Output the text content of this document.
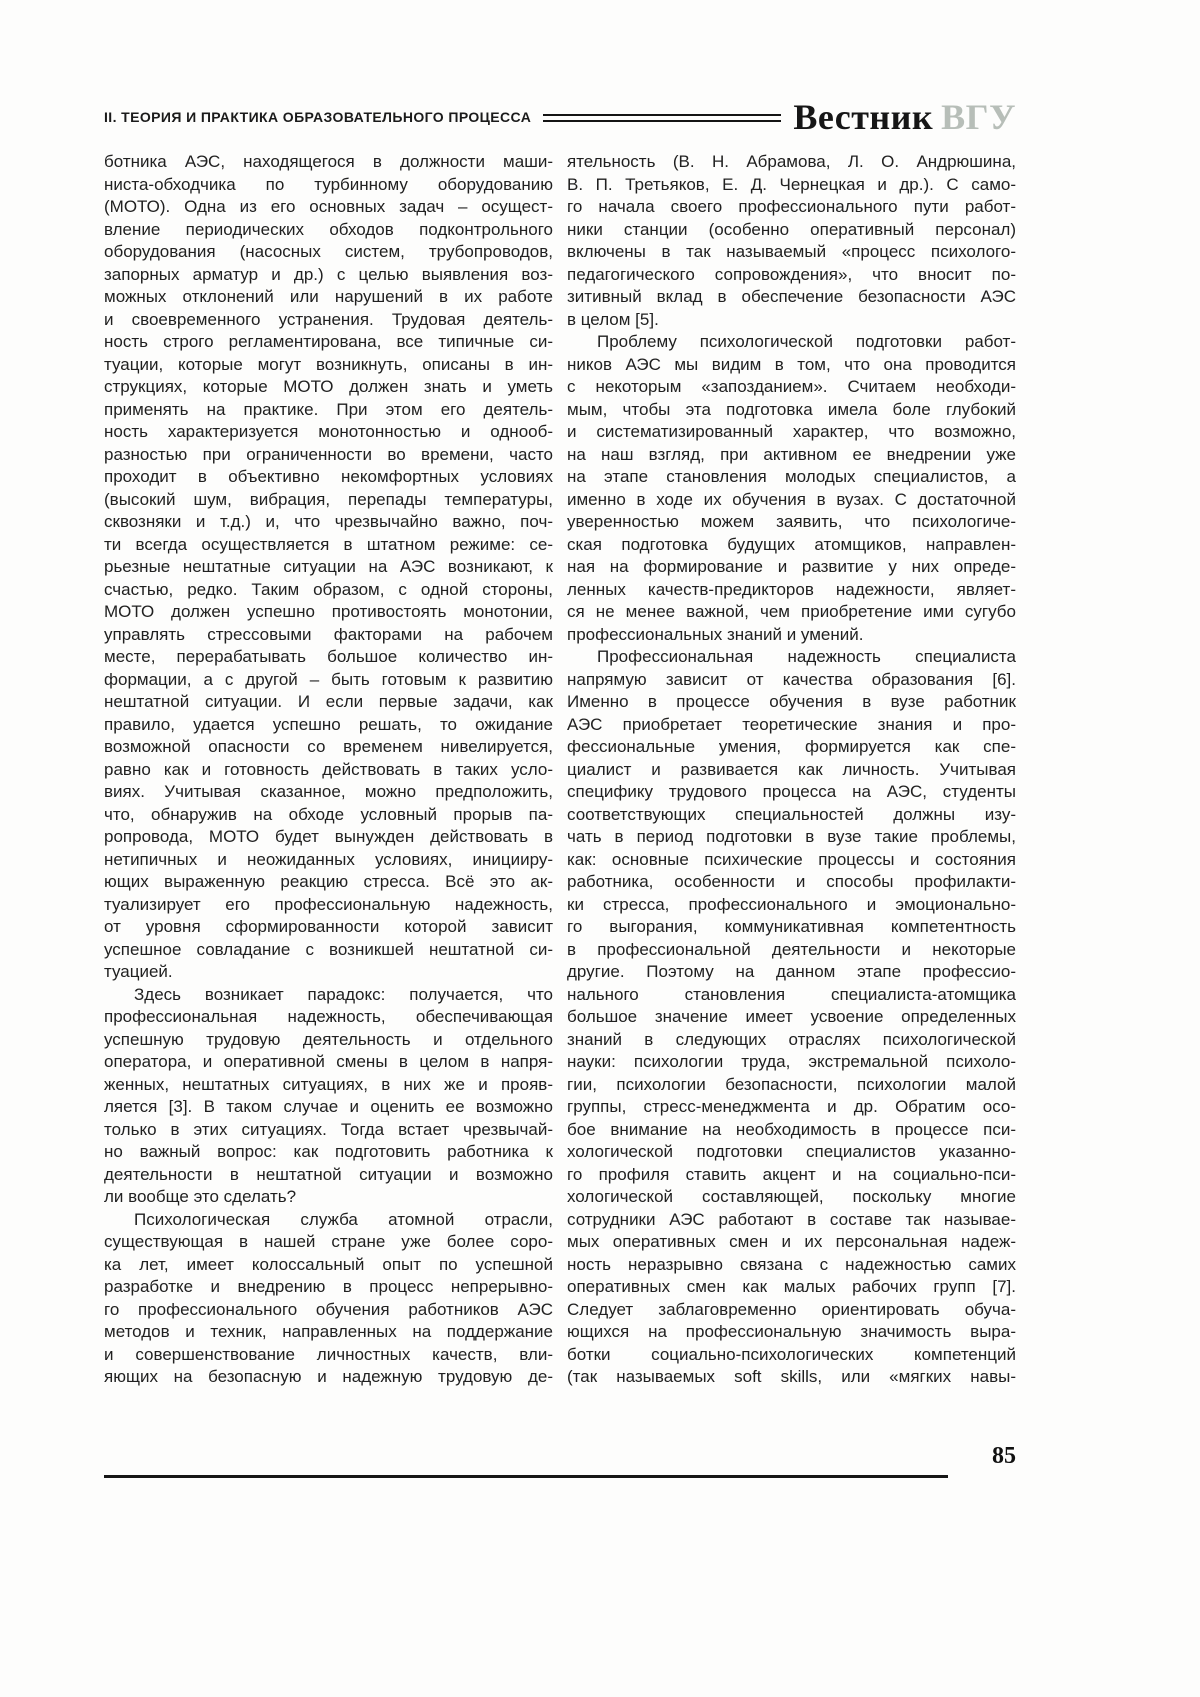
II. ТЕОРИЯ И ПРАКТИКА ОБРАЗОВАТЕЛЬНОГО ПРОЦЕССА	Вестник ВГУ
ботника АЭС, находящегося в должности маши-
ниста-обходчика по турбинному оборудованию
(МОТО). Одна из его основных задач – осущест-
вление периодических обходов подконтрольного
оборудования (насосных систем, трубопроводов,
запорных арматур и др.) с целью выявления воз-
можных отклонений или нарушений в их работе
и своевременного устранения. Трудовая деятель-
ность строго регламентирована, все типичные си-
туации, которые могут возникнуть, описаны в ин-
струкциях, которые МОТО должен знать и уметь
применять на практике. При этом его деятель-
ность характеризуется монотонностью и однооб-
разностью при ограниченности во времени, часто
проходит в объективно некомфортных условиях
(высокий шум, вибрация, перепады температуры,
сквозняки и т.д.) и, что чрезвычайно важно, поч-
ти всегда осуществляется в штатном режиме: се-
рьезные нештатные ситуации на АЭС возникают, к
счастью, редко. Таким образом, с одной стороны,
МОТО должен успешно противостоять монотонии,
управлять стрессовыми факторами на рабочем
месте, перерабатывать большое количество ин-
формации, а с другой – быть готовым к развитию
нештатной ситуации. И если первые задачи, как
правило, удается успешно решать, то ожидание
возможной опасности со временем нивелируется,
равно как и готовность действовать в таких усло-
виях. Учитывая сказанное, можно предположить,
что, обнаружив на обходе условный прорыв па-
ропровода, МОТО будет вынужден действовать в
нетипичных и неожиданных условиях, иницииру-
ющих выраженную реакцию стресса. Всё это ак-
туализирует его профессиональную надежность,
от уровня сформированности которой зависит
успешное совладание с возникшей нештатной си-
туацией.
Здесь возникает парадокс: получается, что
профессиональная надежность, обеспечивающая
успешную трудовую деятельность и отдельного
оператора, и оперативной смены в целом в напря-
женных, нештатных ситуациях, в них же и прояв-
ляется [3]. В таком случае и оценить ее возможно
только в этих ситуациях. Тогда встает чрезвычай-
но важный вопрос: как подготовить работника к
деятельности в нештатной ситуации и возможно
ли вообще это сделать?
Психологическая служба атомной отрасли,
существующая в нашей стране уже более соро-
ка лет, имеет колоссальный опыт по успешной
разработке и внедрению в процесс непрерывно-
го профессионального обучения работников АЭС
методов и техник, направленных на поддержание
и совершенствование личностных качеств, вли-
яющих на безопасную и надежную трудовую де-
ятельность (В. Н. Абрамова, Л. О. Андрюшина,
В. П. Третьяков, Е. Д. Чернецкая и др.). С само-
го начала своего профессионального пути работ-
ники станции (особенно оперативный персонал)
включены в так называемый «процесс психолого-
педагогического сопровождения», что вносит по-
зитивный вклад в обеспечение безопасности АЭС
в целом [5].
Проблему психологической подготовки работ-
ников АЭС мы видим в том, что она проводится
с некоторым «запозданием». Считаем необходи-
мым, чтобы эта подготовка имела боле глубокий
и систематизированный характер, что возможно,
на наш взгляд, при активном ее внедрении уже
на этапе становления молодых специалистов, а
именно в ходе их обучения в вузах. С достаточной
уверенностью можем заявить, что психологиче-
ская подготовка будущих атомщиков, направлен-
ная на формирование и развитие у них опреде-
ленных качеств-предикторов надежности, являет-
ся не менее важной, чем приобретение ими сугубо
профессиональных знаний и умений.
Профессиональная надежность специалиста
напрямую зависит от качества образования [6].
Именно в процессе обучения в вузе работник
АЭС приобретает теоретические знания и про-
фессиональные умения, формируется как спе-
циалист и развивается как личность. Учитывая
специфику трудового процесса на АЭС, студенты
соответствующих специальностей должны изу-
чать в период подготовки в вузе такие проблемы,
как: основные психические процессы и состояния
работника, особенности и способы профилакти-
ки стресса, профессионального и эмоционально-
го выгорания, коммуникативная компетентность
в профессиональной деятельности и некоторые
другие. Поэтому на данном этапе профессио-
нального становления специалиста-атомщика
большое значение имеет усвоение определенных
знаний в следующих отраслях психологической
науки: психологии труда, экстремальной психоло-
гии, психологии безопасности, психологии малой
группы, стресс-менеджмента и др. Обратим осо-
бое внимание на необходимость в процессе пси-
хологической подготовки специалистов указанно-
го профиля ставить акцент и на социально-пси-
хологической составляющей, поскольку многие
сотрудники АЭС работают в составе так называе-
мых оперативных смен и их персональная надеж-
ность неразрывно связана с надежностью самих
оперативных смен как малых рабочих групп [7].
Следует заблаговременно ориентировать обуча-
ющихся на профессиональную значимость выра-
ботки социально-психологических компетенций
(так называемых soft skills, или «мягких навы-
85
